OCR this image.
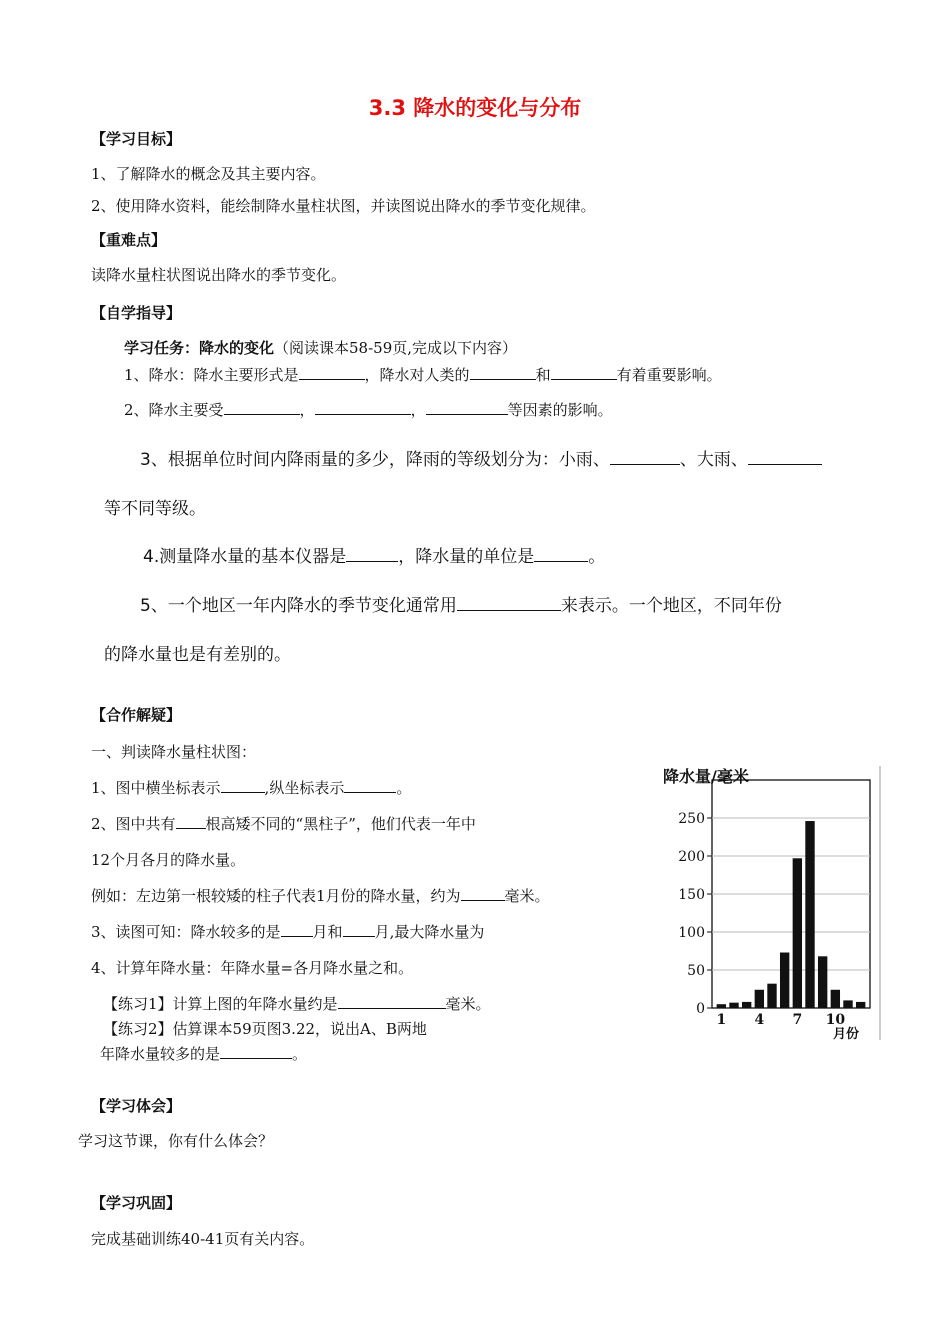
3.3 降水的变化与分布
【学习目标】
1、了解降水的概念及其主要内容。
2、使用降水资料，能绘制降水量柱状图，并读图说出降水的季节变化规律。
【重难点】
读降水量柱状图说出降水的季节变化。
【自学指导】
学习任务：降水的变化（阅读课本58-59页,完成以下内容）
1、降水：降水主要形式是	，降水对人类的	和	有着重要影响。
2、降水主要受	，	，	等因素的影响。
3、根据单位时间内降雨量的多少，降雨的等级划分为：小雨、	、大雨、
等不同等级。
4.测量降水量的基本仪器是	，降水量的单位是	。
5、一个地区一年内降水的季节变化通常用	来表示。一个地区，不同年份
的降水量也是有差别的。
【合作解疑】
一、判读降水量柱状图：
1、图中横坐标表示	,纵坐标表示	。
2、图中共有 根高矮不同的“黑柱子”，他们代表一年中
12个月各月的降水量。
例如：左边第一根较矮的柱子代表1月份的降水量，约为	毫米。
3、读图可知：降水较多的是 月和 月,最大降水量为
4、计算年降水量：年降水量=各月降水量之和。
【练习1】计算上图的年降水量约是	毫米。
【练习2】估算课本59页图3.22，说出A、B两地
年降水量较多的是	。
降水量/毫米
0
50
100
150
200
250
1 4 7 10
月份
【学习体会】
学习这节课，你有什么体会？
【学习巩固】
完成基础训练40-41页有关内容。
